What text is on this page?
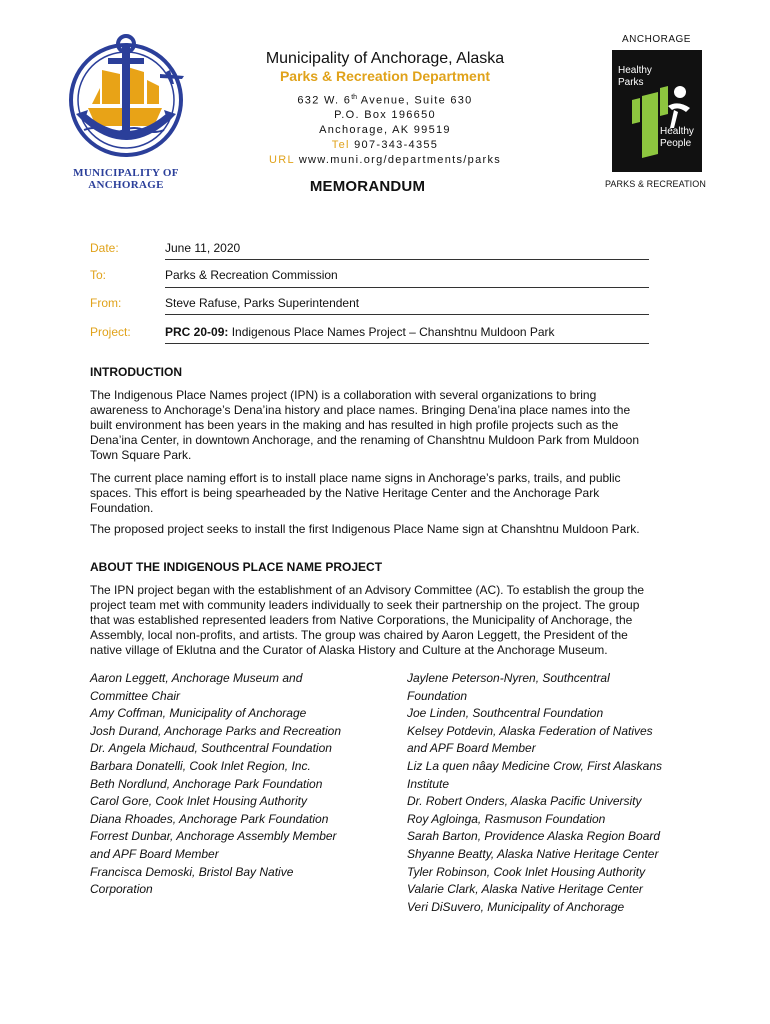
MUNICIPALITY OF
ANCHORAGE
Municipality of Anchorage, Alaska
Parks & Recreation Department
632 W. 6th Avenue, Suite 630
P.O. Box 196650
Anchorage, AK 99519
Tel 907-343-4355
URL www.muni.org/departments/parks
MEMORANDUM
ANCHORAGE
Healthy
Parks
Healthy
People
PARKS & RECREATION
Date:	June 11, 2020
To:	Parks & Recreation Commission
From:	Steve Rafuse, Parks Superintendent
Project:	PRC 20-09: Indigenous Place Names Project – Chanshtnu Muldoon Park
INTRODUCTION
The Indigenous Place Names project (IPN) is a collaboration with several organizations to bring
awareness to Anchorage’s Dena’ina history and place names. Bringing Dena’ina place names into the
built environment has been years in the making and has resulted in high profile projects such as the
Dena’ina Center, in downtown Anchorage, and the renaming of Chanshtnu Muldoon Park from Muldoon
Town Square Park.
The current place naming effort is to install place name signs in Anchorage’s parks, trails, and public
spaces. This effort is being spearheaded by the Native Heritage Center and the Anchorage Park
Foundation.
The proposed project seeks to install the first Indigenous Place Name sign at Chanshtnu Muldoon Park.
ABOUT THE INDIGENOUS PLACE NAME PROJECT
The IPN project began with the establishment of an Advisory Committee (AC). To establish the group the
project team met with community leaders individually to seek their partnership on the project. The group
that was established represented leaders from Native Corporations, the Municipality of Anchorage, the
Assembly, local non-profits, and artists. The group was chaired by Aaron Leggett, the President of the
native village of Eklutna and the Curator of Alaska History and Culture at the Anchorage Museum.
Aaron Leggett, Anchorage Museum and
Committee Chair
Amy Coffman, Municipality of Anchorage
Josh Durand, Anchorage Parks and Recreation
Dr. Angela Michaud, Southcentral Foundation
Barbara Donatelli, Cook Inlet Region, Inc.
Beth Nordlund, Anchorage Park Foundation
Carol Gore, Cook Inlet Housing Authority
Diana Rhoades, Anchorage Park Foundation
Forrest Dunbar, Anchorage Assembly Member
and APF Board Member
Francisca Demoski, Bristol Bay Native
Corporation
Jaylene Peterson-Nyren, Southcentral
Foundation
Joe Linden, Southcentral Foundation
Kelsey Potdevin, Alaska Federation of Natives
and APF Board Member
Liz La quen nâay Medicine Crow, First Alaskans
Institute
Dr. Robert Onders, Alaska Pacific University
Roy Agloinga, Rasmuson Foundation
Sarah Barton, Providence Alaska Region Board
Shyanne Beatty, Alaska Native Heritage Center
Tyler Robinson, Cook Inlet Housing Authority
Valarie Clark, Alaska Native Heritage Center
Veri DiSuvero, Municipality of Anchorage
